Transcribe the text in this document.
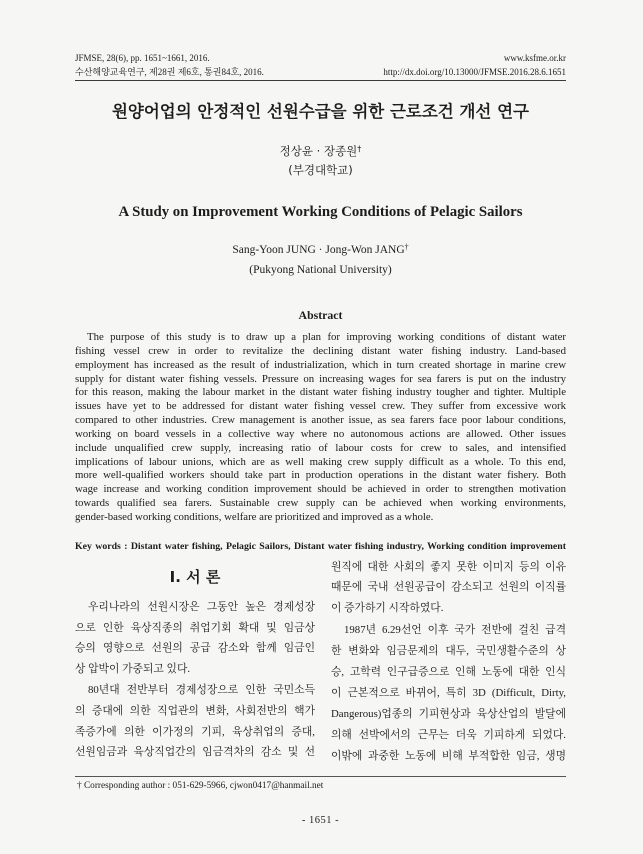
JFMSE, 28(6), pp. 1651~1661, 2016.
수산해양교육연구, 제28권 제6호, 통권84호, 2016.
www.ksfme.or.kr
http://dx.doi.org/10.13000/JFMSE.2016.28.6.1651
원양어업의 안정적인 선원수급을 위한 근로조건 개선 연구
정상윤 · 장종원†
(부경대학교)
A Study on Improvement Working Conditions of Pelagic Sailors
Sang-Yoon JUNG · Jong-Won JANG†
(Pukyong National University)
Abstract
The purpose of this study is to draw up a plan for improving working conditions of distant water
fishing vessel crew in order to revitalize the declining distant water fishing industry. Land-based
employment has increased as the result of industrialization, which in turn created shortage in marine crew
supply for distant water fishing vessels. Pressure on increasing wages for sea farers is put on the industry
for this reason, making the labour market in the distant water fishing industry tougher and tighter. Multiple
issues have yet to be addressed for distant water fishing vessel crew. They suffer from excessive work
compared to other industries. Crew management is another issue, as sea farers face poor labour conditions,
working on board vessels in a collective way where no autonomous actions are allowed. Other issues
include unqualified crew supply, increasing ratio of labour costs for crew to sales, and intensified
implications of labour unions, which are as well making crew supply difficult as a whole. To this end,
more well-qualified workers should take part in production operations in the distant water fishery. Both
wage increase and working condition improvement should be achieved in order to strengthen motivation
towards qualified sea farers. Sustainable crew supply can be achieved when working environments,
gender-based working conditions, welfare are prioritized and improved as a whole.
Key words : Distant water fishing, Pelagic Sailors, Distant water fishing industry, Working condition improvement
Ⅰ. 서 론
우리나라의 선원시장은 그동안 높은 경제성장
으로 인한 육상직종의 취업기회 확대 및 임금상
승의 영향으로 선원의 공급 감소와 함께 임금인
상 압박이 가중되고 있다.
80년대 전반부터 경제성장으로 인한 국민소득
의 증대에 의한 직업관의 변화, 사회전반의 핵가
족증가에 의한 이가정의 기피, 육상취업의 증대,
선원임금과 육상직업간의 임금격차의 감소 및 선
원직에 대한 사회의 좋지 못한 이미지 등의 이유
때문에 국내 선원공급이 감소되고 선원의 이직률
이 증가하기 시작하였다.
1987년 6.29선언 이후 국가 전반에 걸친 급격
한 변화와 임금문제의 대두, 국민생활수준의 상
승, 고학력 인구급증으로 인해 노동에 대한 인식
이 근본적으로 바뀌어, 특히 3D (Difficult, Dirty,
Dangerous)업종의 기피현상과 육상산업의 발달에
의해 선박에서의 근무는 더욱 기피하게 되었다.
이밖에 과중한 노동에 비해 부적합한 임금, 생명
† Corresponding author : 051-629-5966, cjwon0417@hanmail.net
- 1651 -
